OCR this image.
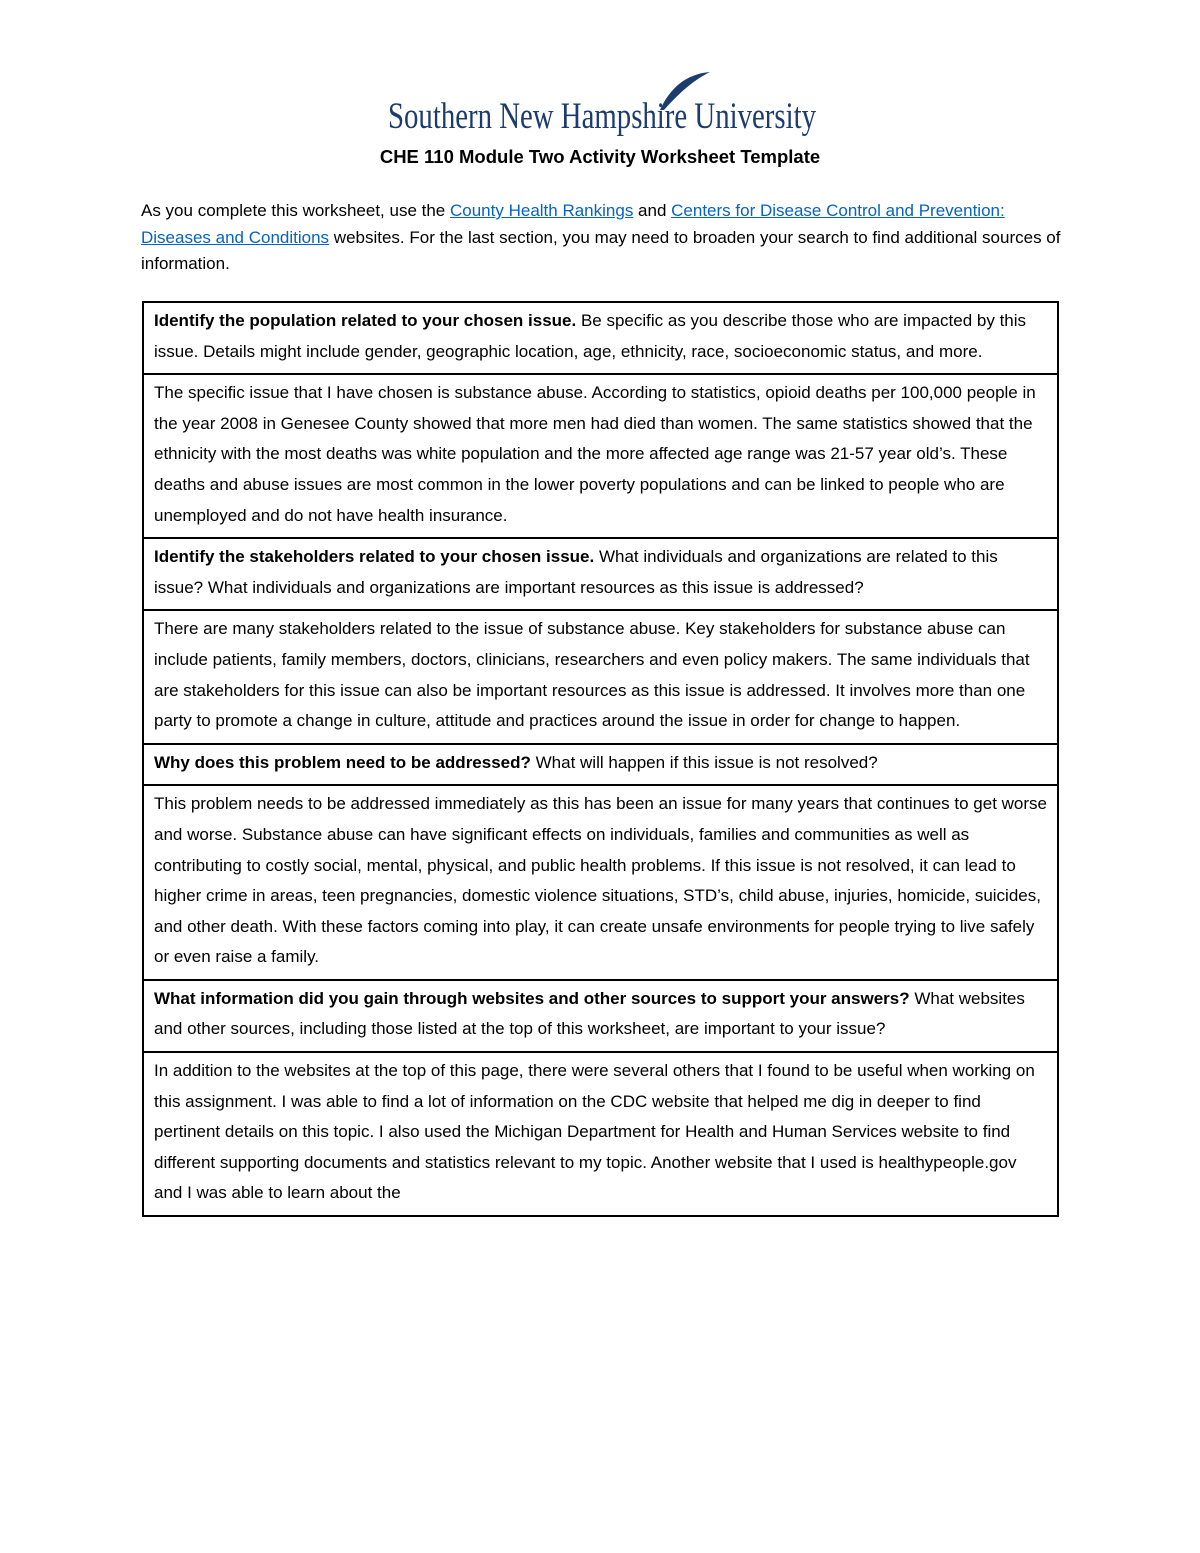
Southern New Hampshire University
CHE 110 Module Two Activity Worksheet Template
As you complete this worksheet, use the County Health Rankings and Centers for Disease Control and Prevention: Diseases and Conditions websites. For the last section, you may need to broaden your search to find additional sources of information.
Identify the population related to your chosen issue. Be specific as you describe those who are impacted by this issue. Details might include gender, geographic location, age, ethnicity, race, socioeconomic status, and more.
The specific issue that I have chosen is substance abuse. According to statistics, opioid deaths per 100,000 people in the year 2008 in Genesee County showed that more men had died than women. The same statistics showed that the ethnicity with the most deaths was white population and the more affected age range was 21-57 year old’s. These deaths and abuse issues are most common in the lower poverty populations and can be linked to people who are unemployed and do not have health insurance.
Identify the stakeholders related to your chosen issue. What individuals and organizations are related to this issue? What individuals and organizations are important resources as this issue is addressed?
There are many stakeholders related to the issue of substance abuse. Key stakeholders for substance abuse can include patients, family members, doctors, clinicians, researchers and even policy makers. The same individuals that are stakeholders for this issue can also be important resources as this issue is addressed. It involves more than one party to promote a change in culture, attitude and practices around the issue in order for change to happen.
Why does this problem need to be addressed? What will happen if this issue is not resolved?
This problem needs to be addressed immediately as this has been an issue for many years that continues to get worse and worse. Substance abuse can have significant effects on individuals, families and communities as well as contributing to costly social, mental, physical, and public health problems. If this issue is not resolved, it can lead to higher crime in areas, teen pregnancies, domestic violence situations, STD’s, child abuse, injuries, homicide, suicides, and other death. With these factors coming into play, it can create unsafe environments for people trying to live safely or even raise a family.
What information did you gain through websites and other sources to support your answers? What websites and other sources, including those listed at the top of this worksheet, are important to your issue?
In addition to the websites at the top of this page, there were several others that I found to be useful when working on this assignment. I was able to find a lot of information on the CDC website that helped me dig in deeper to find pertinent details on this topic. I also used the Michigan Department for Health and Human Services website to find different supporting documents and statistics relevant to my topic. Another website that I used is healthypeople.gov and I was able to learn about the
